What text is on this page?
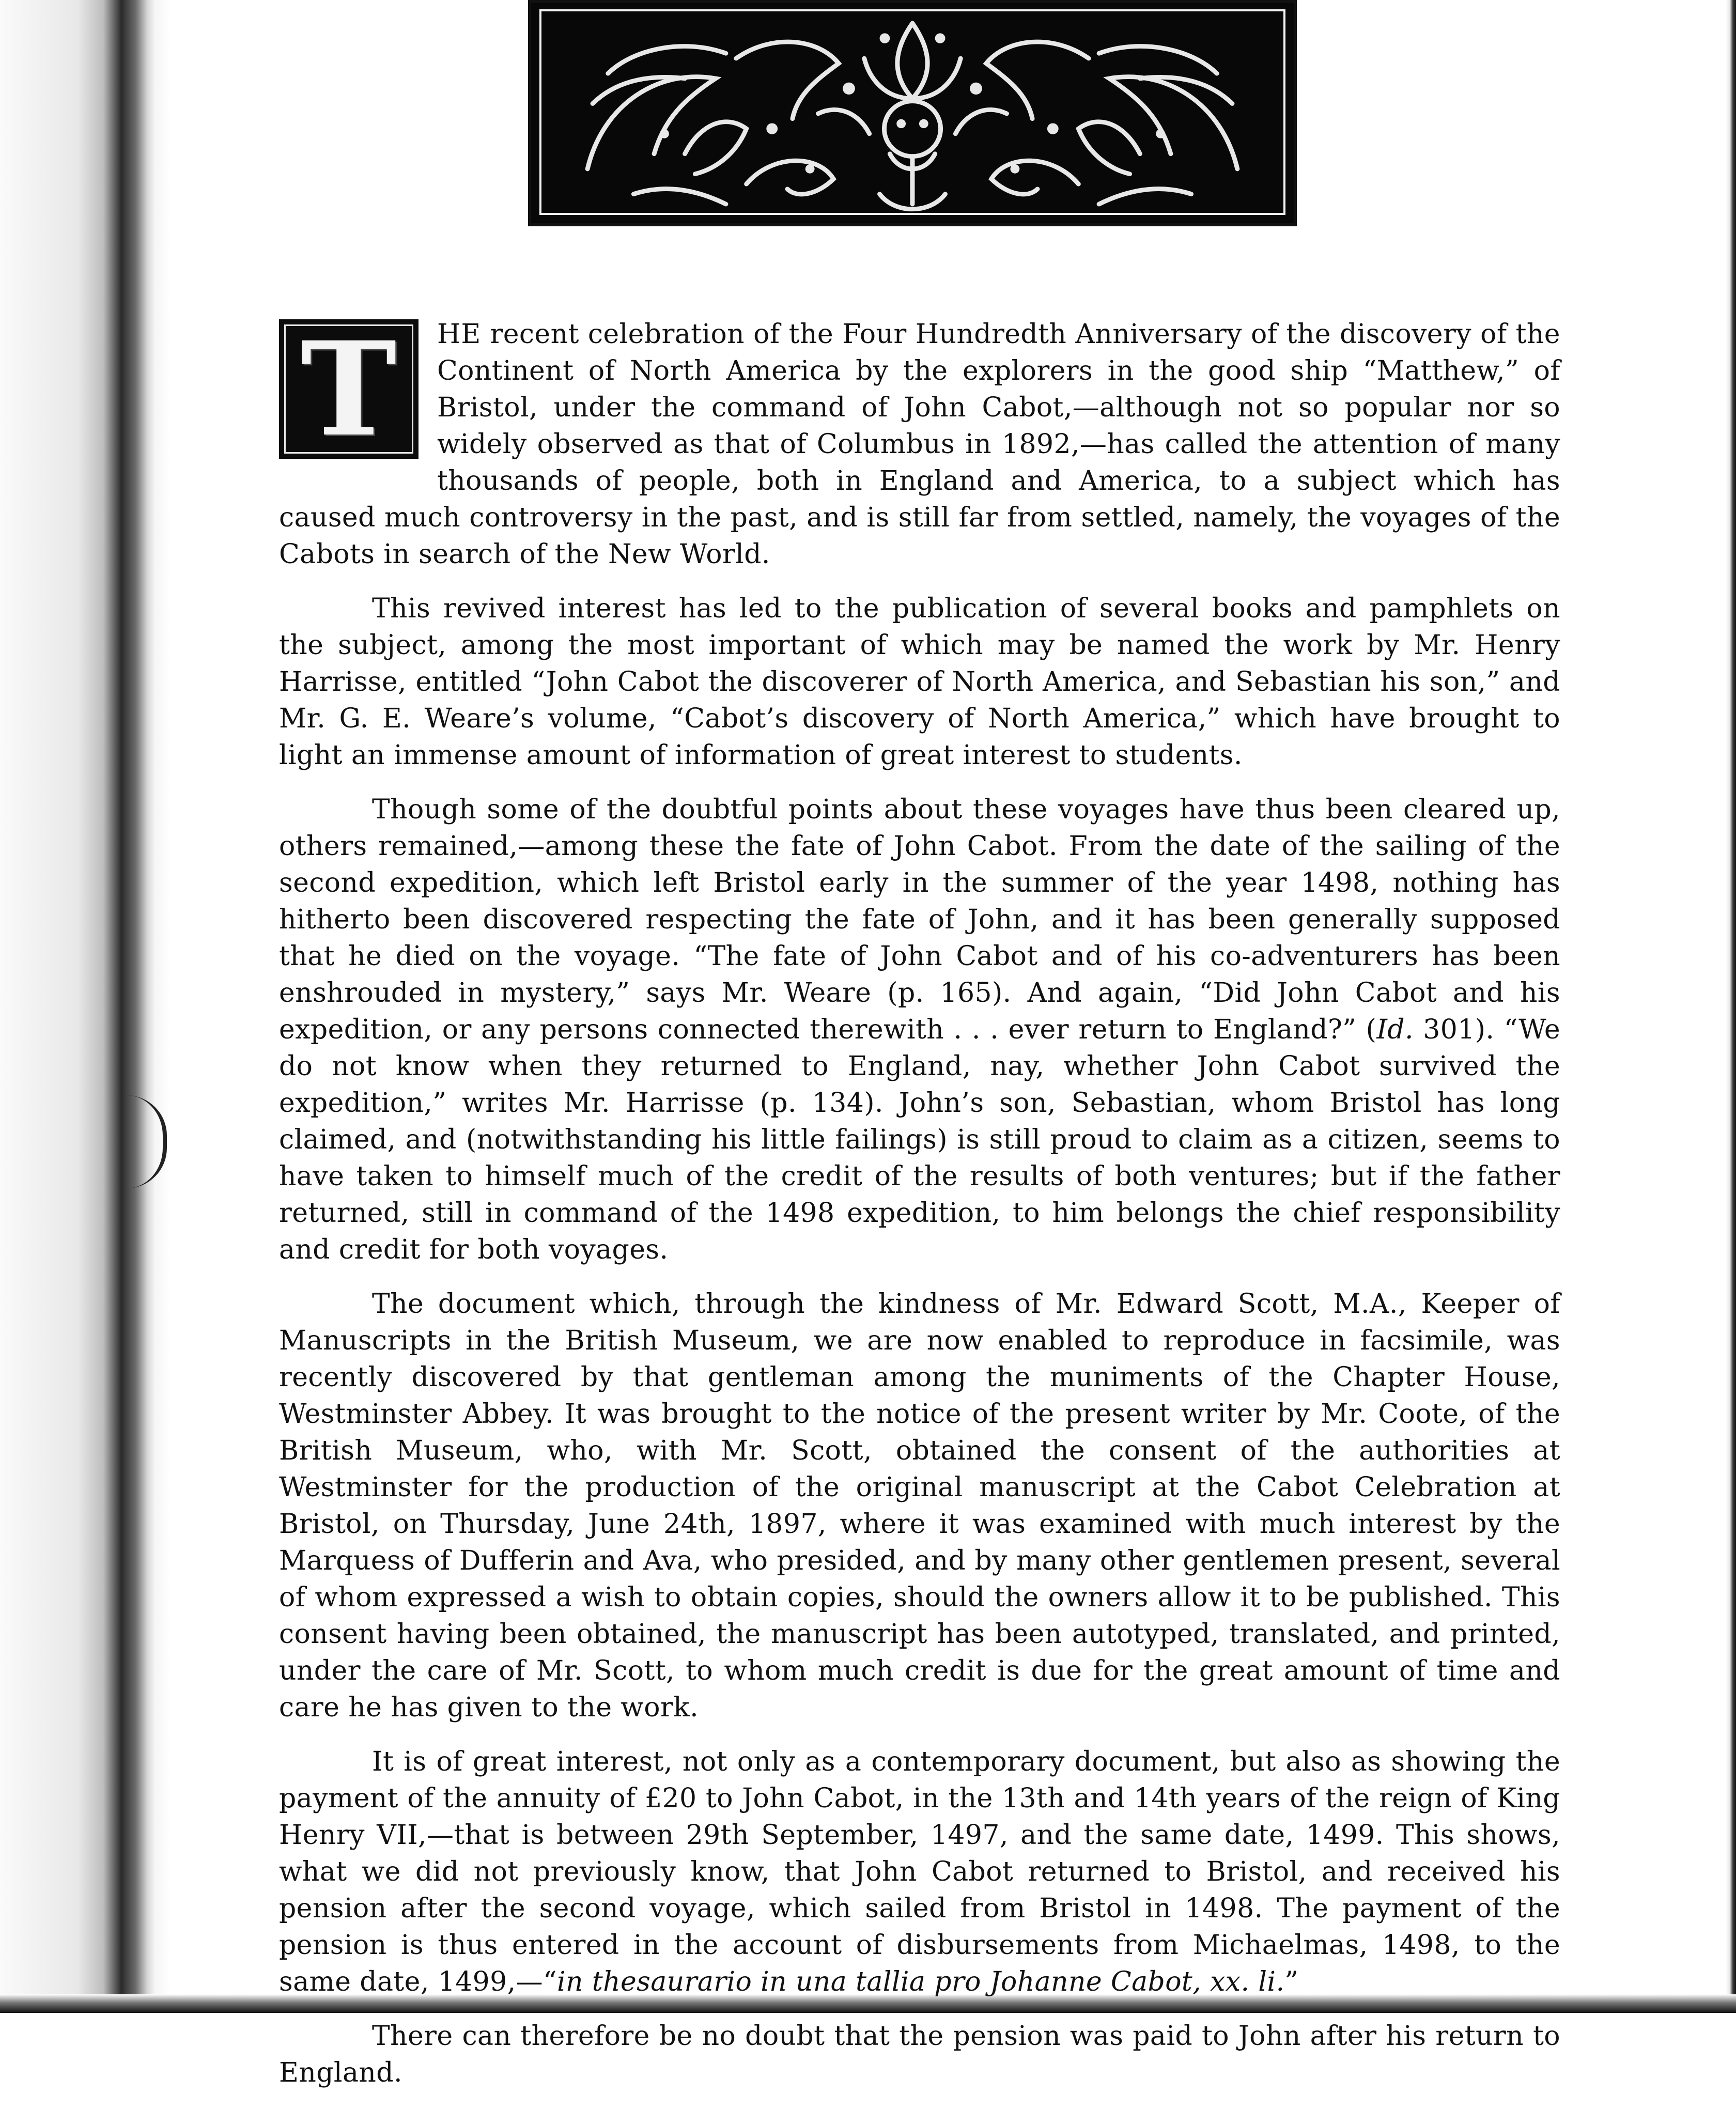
T	HE recent celebration of the Four Hundredth Anniversary of the discovery of the Continent of North America by the explorers in the good ship “Matthew,” of Bristol, under the command of John Cabot,—although not so popular nor so widely observed as that of Columbus in 1892,—has called the attention of many thousands of people, both in England and America, to a subject which has caused much controversy in the past, and is still far from settled, namely, the voyages of the Cabots in search of the New World.

This revived interest has led to the publication of several books and pamphlets on the subject, among the most important of which may be named the work by Mr. Henry Harrisse, entitled “John Cabot the discoverer of North America, and Sebastian his son,” and Mr. G. E. Weare’s volume, “Cabot’s discovery of North America,” which have brought to light an immense amount of information of great interest to students.

Though some of the doubtful points about these voyages have thus been cleared up, others remained,—among these the fate of John Cabot. From the date of the sailing of the second expedition, which left Bristol early in the summer of the year 1498, nothing has hitherto been discovered respecting the fate of John, and it has been generally supposed that he died on the voyage. “The fate of John Cabot and of his co-adventurers has been enshrouded in mystery,” says Mr. Weare (p. 165). And again, “Did John Cabot and his expedition, or any persons connected therewith . . . ever return to England?” (Id. 301). “We do not know when they returned to England, nay, whether John Cabot survived the expedition,” writes Mr. Harrisse (p. 134). John’s son, Sebastian, whom Bristol has long claimed, and (notwithstanding his little failings) is still proud to claim as a citizen, seems to have taken to himself much of the credit of the results of both ventures; but if the father returned, still in command of the 1498 expedition, to him belongs the chief responsibility and credit for both voyages.

The document which, through the kindness of Mr. Edward Scott, M.A., Keeper of Manuscripts in the British Museum, we are now enabled to reproduce in facsimile, was recently discovered by that gentleman among the muniments of the Chapter House, Westminster Abbey. It was brought to the notice of the present writer by Mr. Coote, of the British Museum, who, with Mr. Scott, obtained the consent of the authorities at Westminster for the production of the original manuscript at the Cabot Celebration at Bristol, on Thursday, June 24th, 1897, where it was examined with much interest by the Marquess of Dufferin and Ava, who presided, and by many other gentlemen present, several of whom expressed a wish to obtain copies, should the owners allow it to be published. This consent having been obtained, the manuscript has been autotyped, translated, and printed, under the care of Mr. Scott, to whom much credit is due for the great amount of time and care he has given to the work.

It is of great interest, not only as a contemporary document, but also as showing the payment of the annuity of £20 to John Cabot, in the 13th and 14th years of the reign of King Henry VII,—that is between 29th September, 1497, and the same date, 1499. This shows, what we did not previously know, that John Cabot returned to Bristol, and received his pension after the second voyage, which sailed from Bristol in 1498. The payment of the pension is thus entered in the account of disbursements from Michaelmas, 1498, to the same date, 1499,—“in thesaurario in una tallia pro Johanne Cabot, xx. li.”

There can therefore be no doubt that the pension was paid to John after his return to England.
